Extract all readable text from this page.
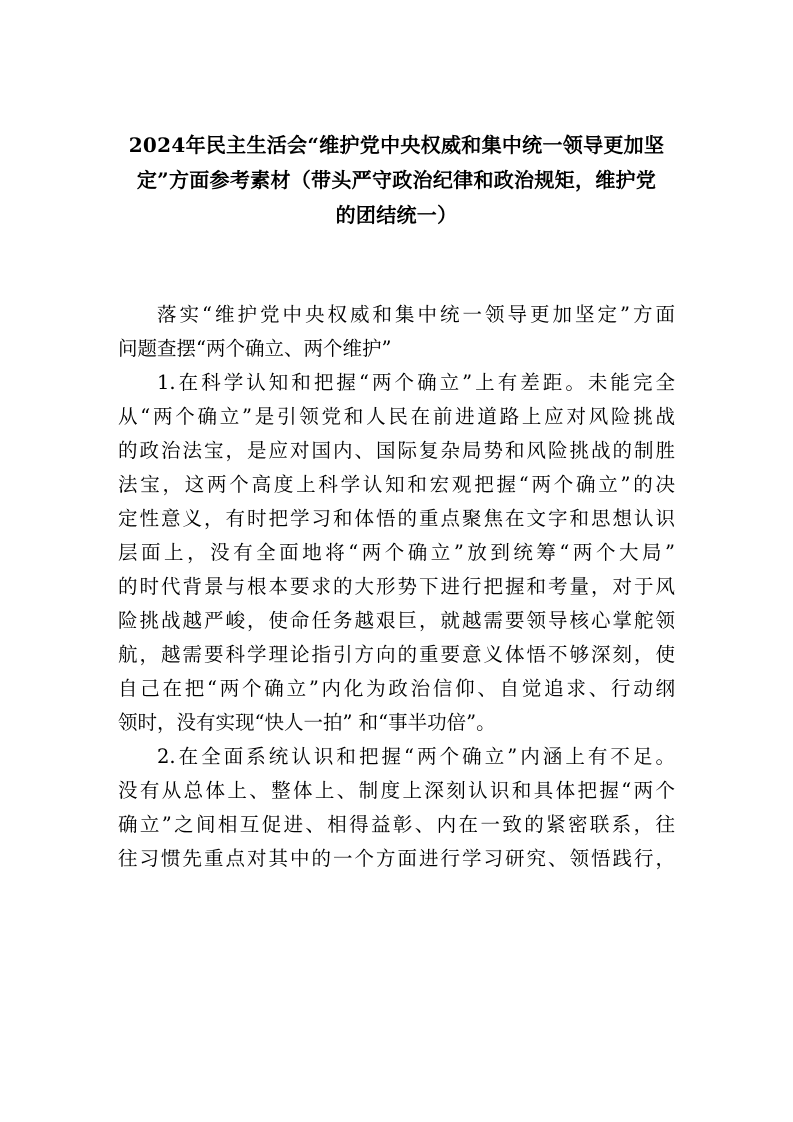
2024年民主生活会“维护党中央权威和集中统一领导更加坚
定”方面参考素材（带头严守政治纪律和政治规矩，维护党
的团结统一）
落实“维护党中央权威和集中统一领导更加坚定”方面
问题查摆“两个确立、两个维护”
1.在科学认知和把握“两个确立”上有差距。未能完全
从“两个确立”是引领党和人民在前进道路上应对风险挑战
的政治法宝，是应对国内、国际复杂局势和风险挑战的制胜
法宝，这两个高度上科学认知和宏观把握“两个确立”的决
定性意义，有时把学习和体悟的重点聚焦在文字和思想认识
层面上，没有全面地将“两个确立”放到统筹“两个大局”
的时代背景与根本要求的大形势下进行把握和考量，对于风
险挑战越严峻，使命任务越艰巨，就越需要领导核心掌舵领
航，越需要科学理论指引方向的重要意义体悟不够深刻，使
自己在把“两个确立”内化为政治信仰、自觉追求、行动纲
领时，没有实现“快人一拍” 和“事半功倍”。
2.在全面系统认识和把握“两个确立”内涵上有不足。
没有从总体上、整体上、制度上深刻认识和具体把握“两个
确立”之间相互促进、相得益彰、内在一致的紧密联系，往
往习惯先重点对其中的一个方面进行学习研究、领悟践行，
